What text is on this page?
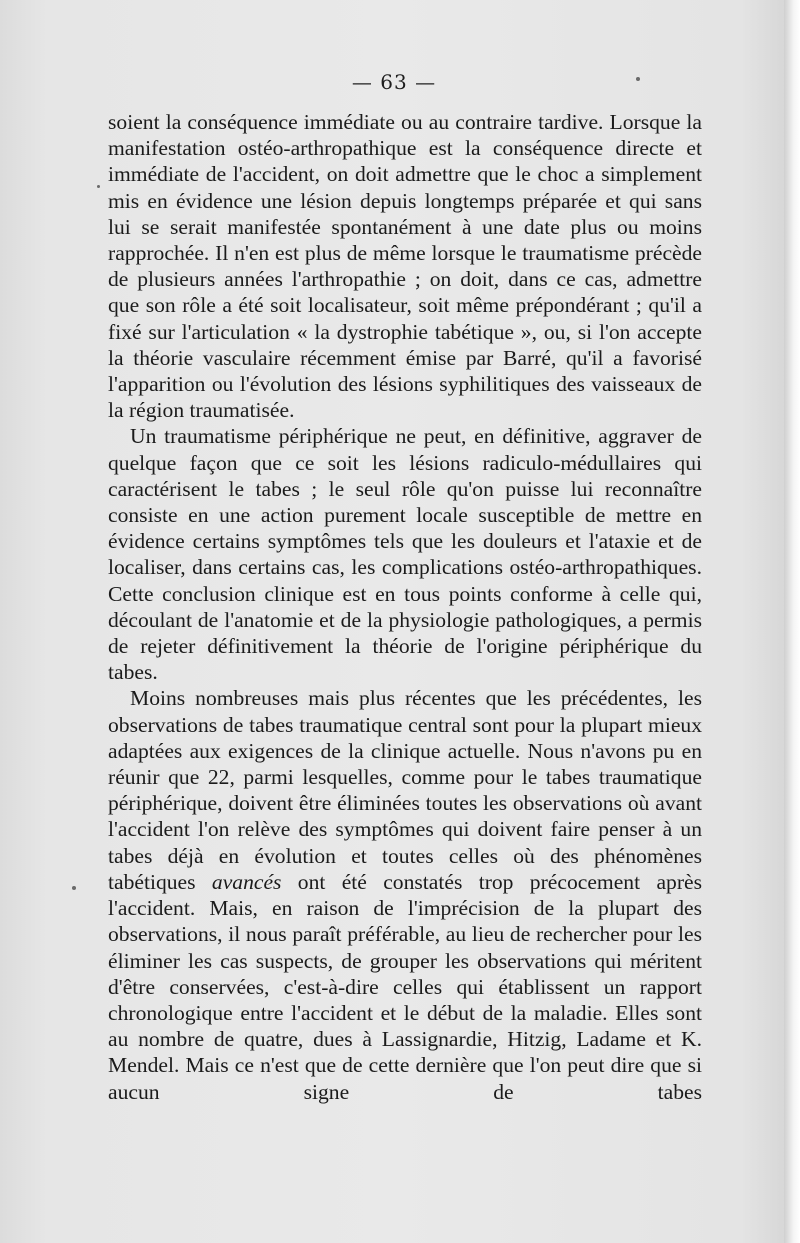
— 63 —

soient la conséquence immédiate ou au contraire tardive. Lorsque la manifestation ostéo-arthropathique est la conséquence directe et immédiate de l'accident, on doit admettre que le choc a simplement mis en évidence une lésion depuis longtemps préparée et qui sans lui se serait manifestée spontanément à une date plus ou moins rapprochée. Il n'en est plus de même lorsque le traumatisme précède de plusieurs années l'arthropathie ; on doit, dans ce cas, admettre que son rôle a été soit localisateur, soit même prépondérant ; qu'il a fixé sur l'articulation « la dystrophie tabétique », ou, si l'on accepte la théorie vasculaire récemment émise par Barré, qu'il a favorisé l'apparition ou l'évolution des lésions syphilitiques des vaisseaux de la région traumatisée.

Un traumatisme périphérique ne peut, en définitive, aggraver de quelque façon que ce soit les lésions radiculo-médullaires qui caractérisent le tabes ; le seul rôle qu'on puisse lui reconnaître consiste en une action purement locale susceptible de mettre en évidence certains symptômes tels que les douleurs et l'ataxie et de localiser, dans certains cas, les complications ostéo-arthropathiques. Cette conclusion clinique est en tous points conforme à celle qui, découlant de l'anatomie et de la physiologie pathologiques, a permis de rejeter définitivement la théorie de l'origine périphérique du tabes.

Moins nombreuses mais plus récentes que les précédentes, les observations de tabes traumatique central sont pour la plupart mieux adaptées aux exigences de la clinique actuelle. Nous n'avons pu en réunir que 22, parmi lesquelles, comme pour le tabes traumatique périphérique, doivent être éliminées toutes les observations où avant l'accident l'on relève des symptômes qui doivent faire penser à un tabes déjà en évolution et toutes celles où des phénomènes tabétiques avancés ont été constatés trop précocement après l'accident. Mais, en raison de l'imprécision de la plupart des observations, il nous paraît préférable, au lieu de rechercher pour les éliminer les cas suspects, de grouper les observations qui méritent d'être conservées, c'est-à-dire celles qui établissent un rapport chronologique entre l'accident et le début de la maladie. Elles sont au nombre de quatre, dues à Lassignardie, Hitzig, Ladame et K. Mendel. Mais ce n'est que de cette dernière que l'on peut dire que si aucun signe de tabes
